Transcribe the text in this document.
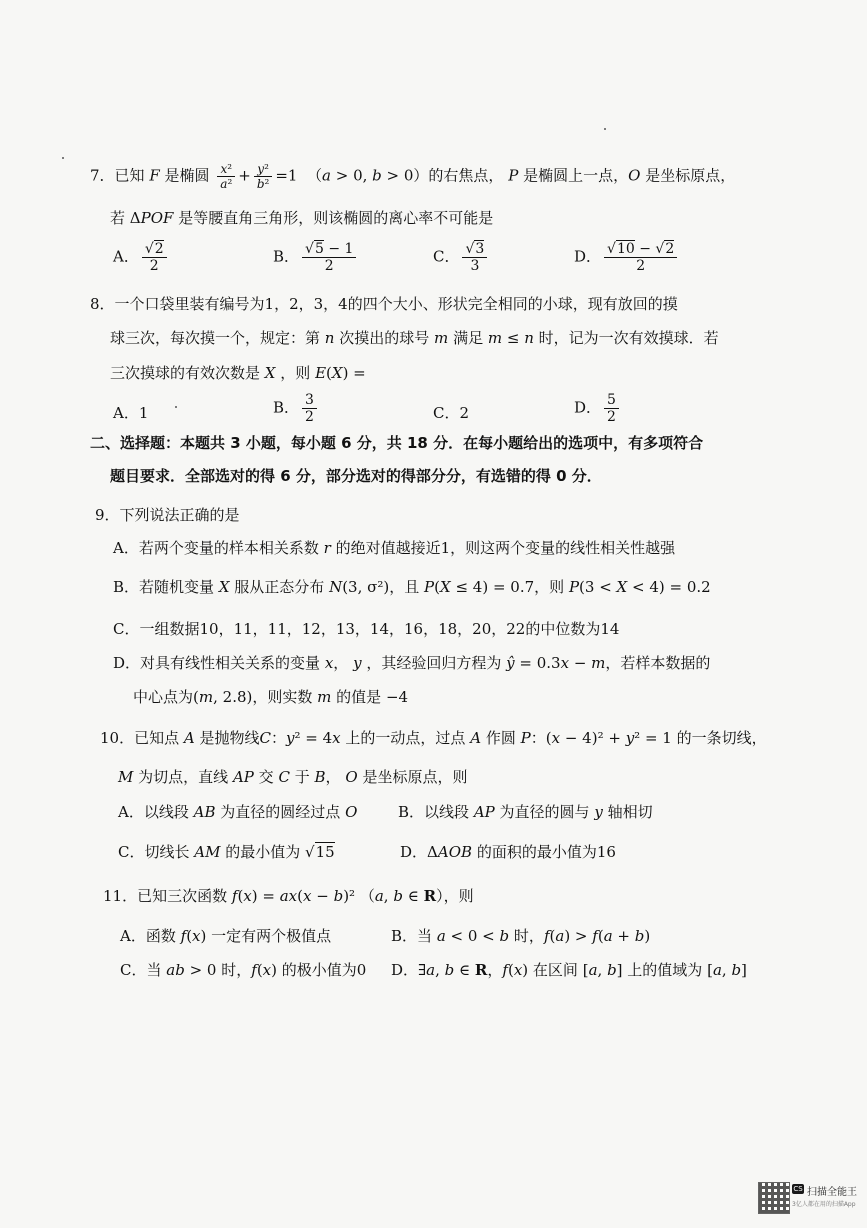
7．已知 F 是椭圆 $\frac{\text{x²}}{\text{a²}} + \frac{\text{y²}}{\text{b²}} =1$  （a > 0, b > 0）的右焦点， P 是椭圆上一点，O 是坐标原点，
若 ΔPOF 是等腰直角三角形，则该椭圆的离心率不可能是
A． $\frac{√2}{2}$	B． $\frac{√5 - 1}{2}$	C． $\frac{√3}{3}$	D． $\frac{√10 - √2}{2}$
8．一个口袋里装有编号为1，2，3，4的四个大小、形状完全相同的小球，现有放回的摸
球三次，每次摸一个，规定：第 n 次摸出的球号 m 满足 m ≤ n 时，记为一次有效摸球．若
三次摸球的有效次数是 X ，则 E(X) =
A．1	B． $\frac{3}{2}$	C．2	D． $\frac{5}{2}$
二、选择题：本题共 3 小题，每小题 6 分，共 18 分．在每小题给出的选项中，有多项符合
题目要求．全部选对的得 6 分，部分选对的得部分分，有选错的得 0 分．
9．下列说法正确的是
A．若两个变量的样本相关系数 r 的绝对值越接近1，则这两个变量的线性相关性越强
B．若随机变量 X 服从正态分布 N(3, σ²)，且 P(X ≤ 4) = 0.7，则 P(3 < X < 4) = 0.2
C．一组数据10，11，11，12，13，14，16，18，20，22的中位数为14
D．对具有线性相关关系的变量 x， y ，其经验回归方程为 ŷ = 0.3x − m，若样本数据的
中心点为(m, 2.8)，则实数 m 的值是 −4
10．已知点 A 是抛物线C：y² = 4x 上的一动点，过点 A 作圆 P：(x − 4)² + y² = 1 的一条切线，
M 为切点，直线 AP 交 C 于 B， O 是坐标原点，则
A．以线段 AB 为直径的圆经过点 O	B．以线段 AP 为直径的圆与 y 轴相切
C．切线长 AM 的最小值为 √15	D．ΔAOB 的面积的最小值为16
11．已知三次函数 f(x) = ax(x − b)² （a, b ∈ R），则
A．函数 f(x) 一定有两个极值点	B．当 a < 0 < b 时，f(a) > f(a + b)
C．当 ab > 0 时，f(x) 的极小值为0 D．∃a, b ∈ R，f(x) 在区间 [a, b] 上的值域为 [a, b]
CS 扫描全能王
3亿人都在用的扫描App
